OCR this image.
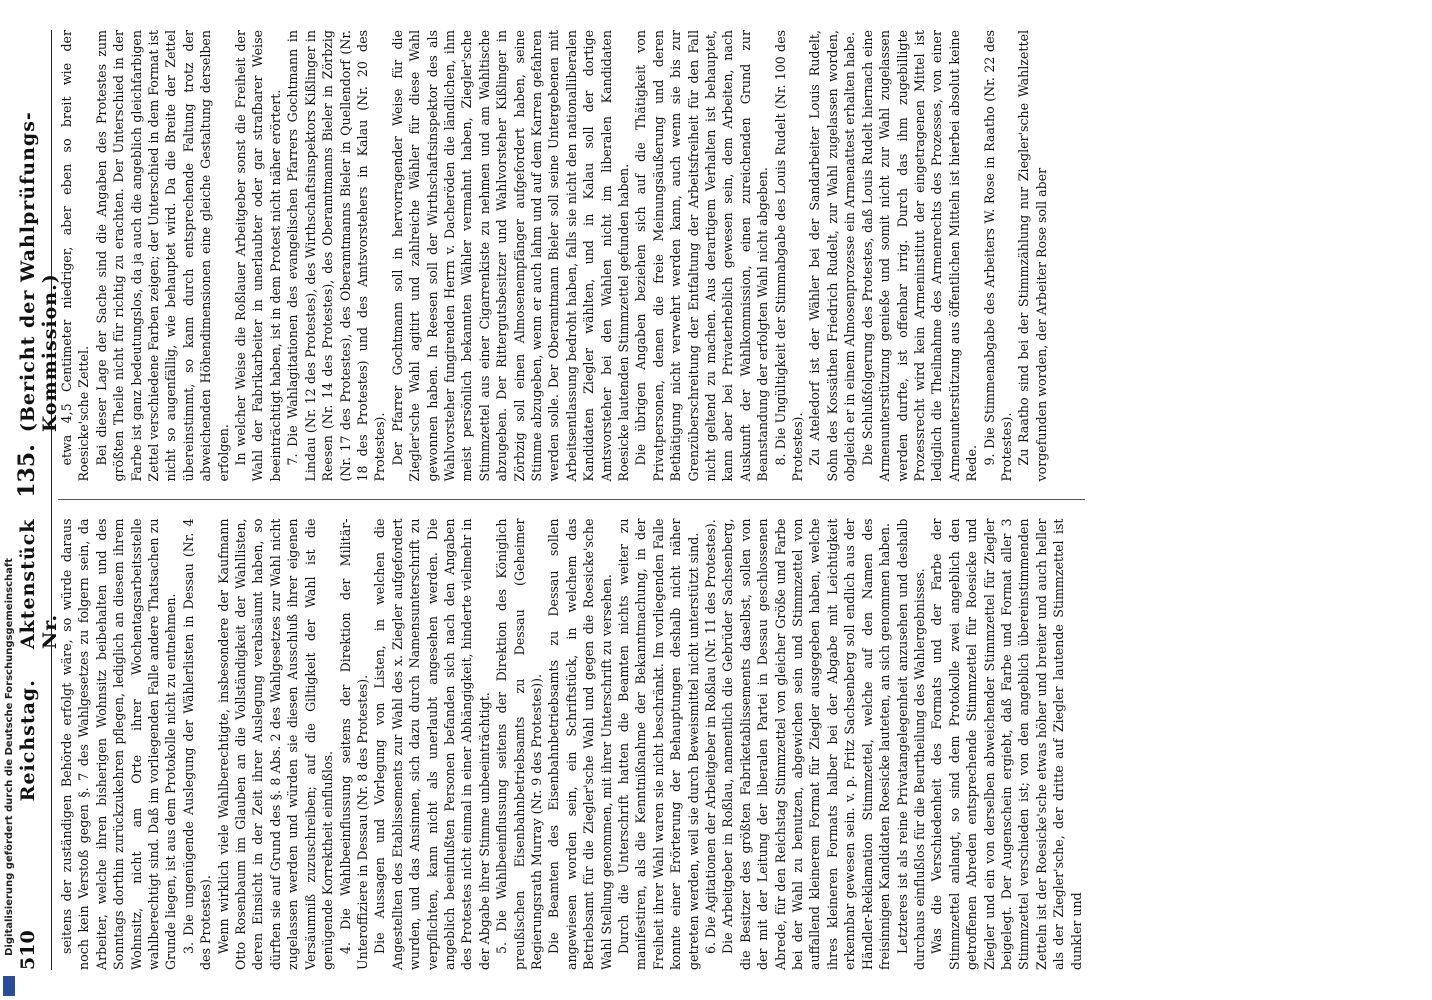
510
Reichstag.
Aktenstück Nr.
135.
(Bericht der Wahlprüfungs-Kommission.)

seitens der zuständigen Behörde erfolgt wäre, so würde daraus noch kein Verstoß gegen §. 7 des Wahlgesetzes zu folgern sein, da Arbeiter, welche ihren bisherigen Wohnsitz beibehalten und des Sonntags dorthin zurückzukehren pflegen, lediglich an diesem ihrem Wohnsitz, nicht am Orte ihrer Wochentagsarbeitsstelle wahlberechtigt sind. Daß im vorliegenden Falle andere Thatsachen zu Grunde liegen, ist aus dem Protokolle nicht zu entnehmen. 3. Die ungenügende Auslegung der Wählerlisten in Dessau (Nr. 4 des Protestes). Wenn wirklich viele Wahlberechtigte, insbesondere der Kaufmann Otto Rosenbaum im Glauben an die Vollständigkeit der Wahllisten, deren Einsicht in der Zeit ihrer Auslegung verabsäumt haben, so dürften sie auf Grund des §. 8 Abs. 2 des Wahlgesetzes zur Wahl nicht zugelassen werden und würden sie diesen Ausschluß ihrer eigenen Versäumniß zuzuschreiben; auf die Giltigkeit der Wahl ist die genügende Korrektheit einflußlos. 4. Die Wahlbeeinflussung seitens der Direktion der Militär-Unteroffiziere in Dessau (Nr. 8 des Protestes). Die Aussagen und Vorlegung von Listen, in welchen die Angestellten des Etablissements zur Wahl des x. Ziegler aufgefordert wurden, und das Ansinnen, sich dazu durch Namensunterschrift zu verpflichten, kann nicht als unerlaubt angesehen werden. Die angeblich beeinflußten Personen befanden sich nach den Angaben des Protestes nicht einmal in einer Abhängigkeit, hinderte vielmehr in der Abgabe ihrer Stimme unbeeinträchtigt. 5. Die Wahlbeeinflussung seitens der Direktion des Königlich preußischen Eisenbahnbetriebsamts zu Dessau (Geheimer Regierungsrath Murray (Nr. 9 des Protestes)). Die Beamten des Eisenbahnbetriebsamts zu Dessau sollen angewiesen worden sein, ein Schriftstück, in welchem das Betriebsamt für die Ziegler'sche Wahl und gegen die Roesicke'sche Wahl Stellung genommen, mit ihrer Unterschrift zu versehen. Durch die Unterschrift hatten die Beamten nichts weiter zu manifestiren, als die Kenntnißnahme der Bekanntmachung, in der Freiheit ihrer Wahl waren sie nicht beschränkt. Im vorliegenden Falle konnte einer Erörterung der Behauptungen deshalb nicht näher getreten werden, weil sie durch Beweismittel nicht unterstützt sind. 6. Die Agitationen der Arbeitgeber in Roßlau (Nr. 11 des Protestes). Die Arbeitgeber in Roßlau, namentlich die Gebrüder Sachsenberg, die Besitzer des größten Fabriketablissements daselbst, sollen von der mit der Leitung der liberalen Partei in Dessau geschlossenen Abrede, für den Reichstag Stimmzettel von gleicher Größe und Farbe bei der Wahl zu benutzen, abgewichen sein und Stimmzettel von auffallend kleinerem Format für Ziegler ausgegeben haben, welche ihres kleineren Formats halber bei der Abgabe mit Leichtigkeit erkennbar gewesen sein. v. p. Fritz Sachsenberg soll endlich aus der Händler-Reklamation Stimmzettel, welche auf den Namen des freisinnigen Kandidaten Roesicke lauteten, an sich genommen haben. Letzteres ist als reine Privatangelegenheit anzusehen und deshalb durchaus einflußlos für die Beurtheilung des Wahlergebnisses. Was die Verschiedenheit des Formats und der Farbe der Stimmzettel anlangt, so sind dem Protokolle zwei angeblich den getroffenen Abreden entsprechende Stimmzettel für Roesicke und Ziegler und ein von derselben abweichender Stimmzettel für Ziegler beigelegt. Der Augenschein ergiebt, daß Farbe und Format aller 3 Stimmzettel verschieden ist; von den angeblich übereinstimmenden Zetteln ist der Roesicke'sche etwas höher und breiter und auch heller als der Ziegler'sche, der dritte auf Ziegler lautende Stimmzettel ist dunkler und

etwa 4,5 Centimeter niedriger, aber eben so breit wie der Roesicke'sche Zettel. Bei dieser Lage der Sache sind die Angaben des Protestes zum größten Theile nicht für richtig zu erachten. Der Unterschied in der Farbe ist ganz bedeutungslos, da ja auch die angeblich gleichfarbigen Zettel verschiedene Farben zeigen; der Unterschied in dem Format ist nicht so augenfällig, wie behauptet wird. Da die Breite der Zettel übereinstimmt, so kann durch entsprechende Faltung trotz der abweichenden Höhendimensionen eine gleiche Gestaltung derselben erfolgen. In welcher Weise die Roßlauer Arbeitgeber sonst die Freiheit der Wahl der Fabrikarbeiter in unerlaubter oder gar strafbarer Weise beeinträchtigt haben, ist in dem Protest nicht näher erörtert. 7. Die Wahlagitationen des evangelischen Pfarrers Gochtmann in Lindau (Nr. 12 des Protestes), des Wirthschaftsinspektors Kißlinger in Reesen (Nr. 14 des Protestes), des Oberamtmanns Bieler in Zörbzig (Nr. 17 des Protestes), des Oberamtmanns Bieler in Quellendorf (Nr. 18 des Protestes) und des Amtsvorstehers in Kalau (Nr. 20 des Protestes). Der Pfarrer Gochtmann soll in hervorragender Weise für die Ziegler'sche Wahl agitirt und zahlreiche Wähler für diese Wahl gewonnen haben. In Reesen soll der Wirthschaftsinspektor des als Wahlvorsteher fungirenden Herrn v. Dacheröden die ländlichen, ihm meist persönlich bekannten Wähler vermahnt haben, Ziegler'sche Stimmzettel aus einer Cigarrenkiste zu nehmen und am Wahltische abzugeben. Der Rittergutsbesitzer und Wahlvorsteher Kißlinger in Zörbzig soll einen Almosenempfänger aufgefordert haben, seine Stimme abzugeben, wenn er auch lahm und auf dem Karren gefahren werden solle. Der Oberamtmann Bieler soll seine Untergebenen mit Arbeitsentlassung bedroht haben, falls sie nicht den nationalliberalen Kandidaten Ziegler wählten, und in Kalau soll der dortige Amtsvorsteher bei den Wahlen nicht im liberalen Kandidaten Roesicke lautenden Stimmzettel gefunden haben. Die übrigen Angaben beziehen sich auf die Thätigkeit von Privatpersonen, denen die freie Meinungsäußerung und deren Bethätigung nicht verwehrt werden kann, auch wenn sie bis zur Grenzüberschreitung der Entfaltung der Arbeitsfreiheit für den Fall nicht geltend zu machen. Aus derartigem Verhalten ist behauptet, kann aber bei Privaterheblich gewesen sein, dem Arbeiten, nach Auskunft der Wahlkommission, einen zureichenden Grund zur Beanstandung der erfolgten Wahl nicht abgeben. 8. Die Ungültigkeit der Stimmabgabe des Louis Rudelt (Nr. 100 des Protestes). Zu Ateledorf ist der Wähler bei der Sandarbeiter Louis Rudelt, Sohn des Kossäthen Friedrich Rudelt, zur Wahl zugelassen worden, obgleich er in einem Almosenprozesse ein Armenattest erhalten habe. Die Schlußfolgerung des Protestes, daß Louis Rudelt hiernach eine Armenunterstützung genieße und somit nicht zur Wahl zugelassen werden durfte, ist offenbar irrig. Durch das ihm zugebilligte Prozessrecht wird kein Armeninstitut der eingetragenen Mittel ist lediglich die Theilnahme des Armenrechts des Prozesses, von einer Armenunterstützung aus öffentlichen Mitteln ist hierbei absolut keine Rede. 9. Die Stimmenabgabe des Arbeiters W. Rose in Raatho (Nr. 22 des Protestes). Zu Raatho sind bei der Stimmzählung nur Ziegler'sche Wahlzettel vorgefunden worden, der Arbeiter Rose soll aber

Digitalisierung gefördert durch die Deutsche Forschungsgemeinschaft
